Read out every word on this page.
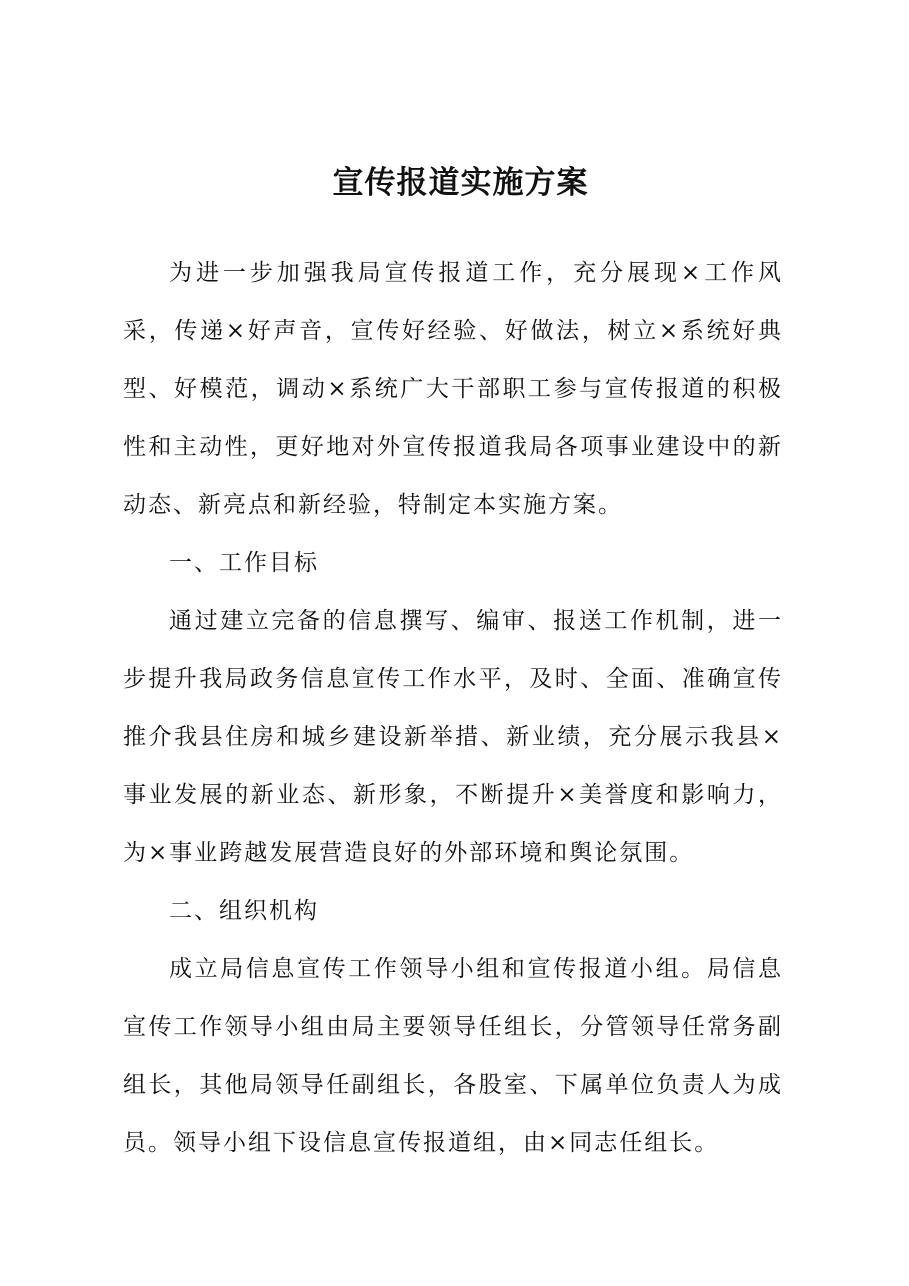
宣传报道实施方案

为进一步加强我局宣传报道工作，充分展现×工作风采，传递×好声音，宣传好经验、好做法，树立×系统好典型、好模范，调动×系统广大干部职工参与宣传报道的积极性和主动性，更好地对外宣传报道我局各项事业建设中的新动态、新亮点和新经验，特制定本实施方案。

一、工作目标

通过建立完备的信息撰写、编审、报送工作机制，进一步提升我局政务信息宣传工作水平，及时、全面、准确宣传推介我县住房和城乡建设新举措、新业绩，充分展示我县×事业发展的新业态、新形象，不断提升×美誉度和影响力，为×事业跨越发展营造良好的外部环境和舆论氛围。

二、组织机构

成立局信息宣传工作领导小组和宣传报道小组。局信息宣传工作领导小组由局主要领导任组长，分管领导任常务副组长，其他局领导任副组长，各股室、下属单位负责人为成员。领导小组下设信息宣传报道组，由×同志任组长。
